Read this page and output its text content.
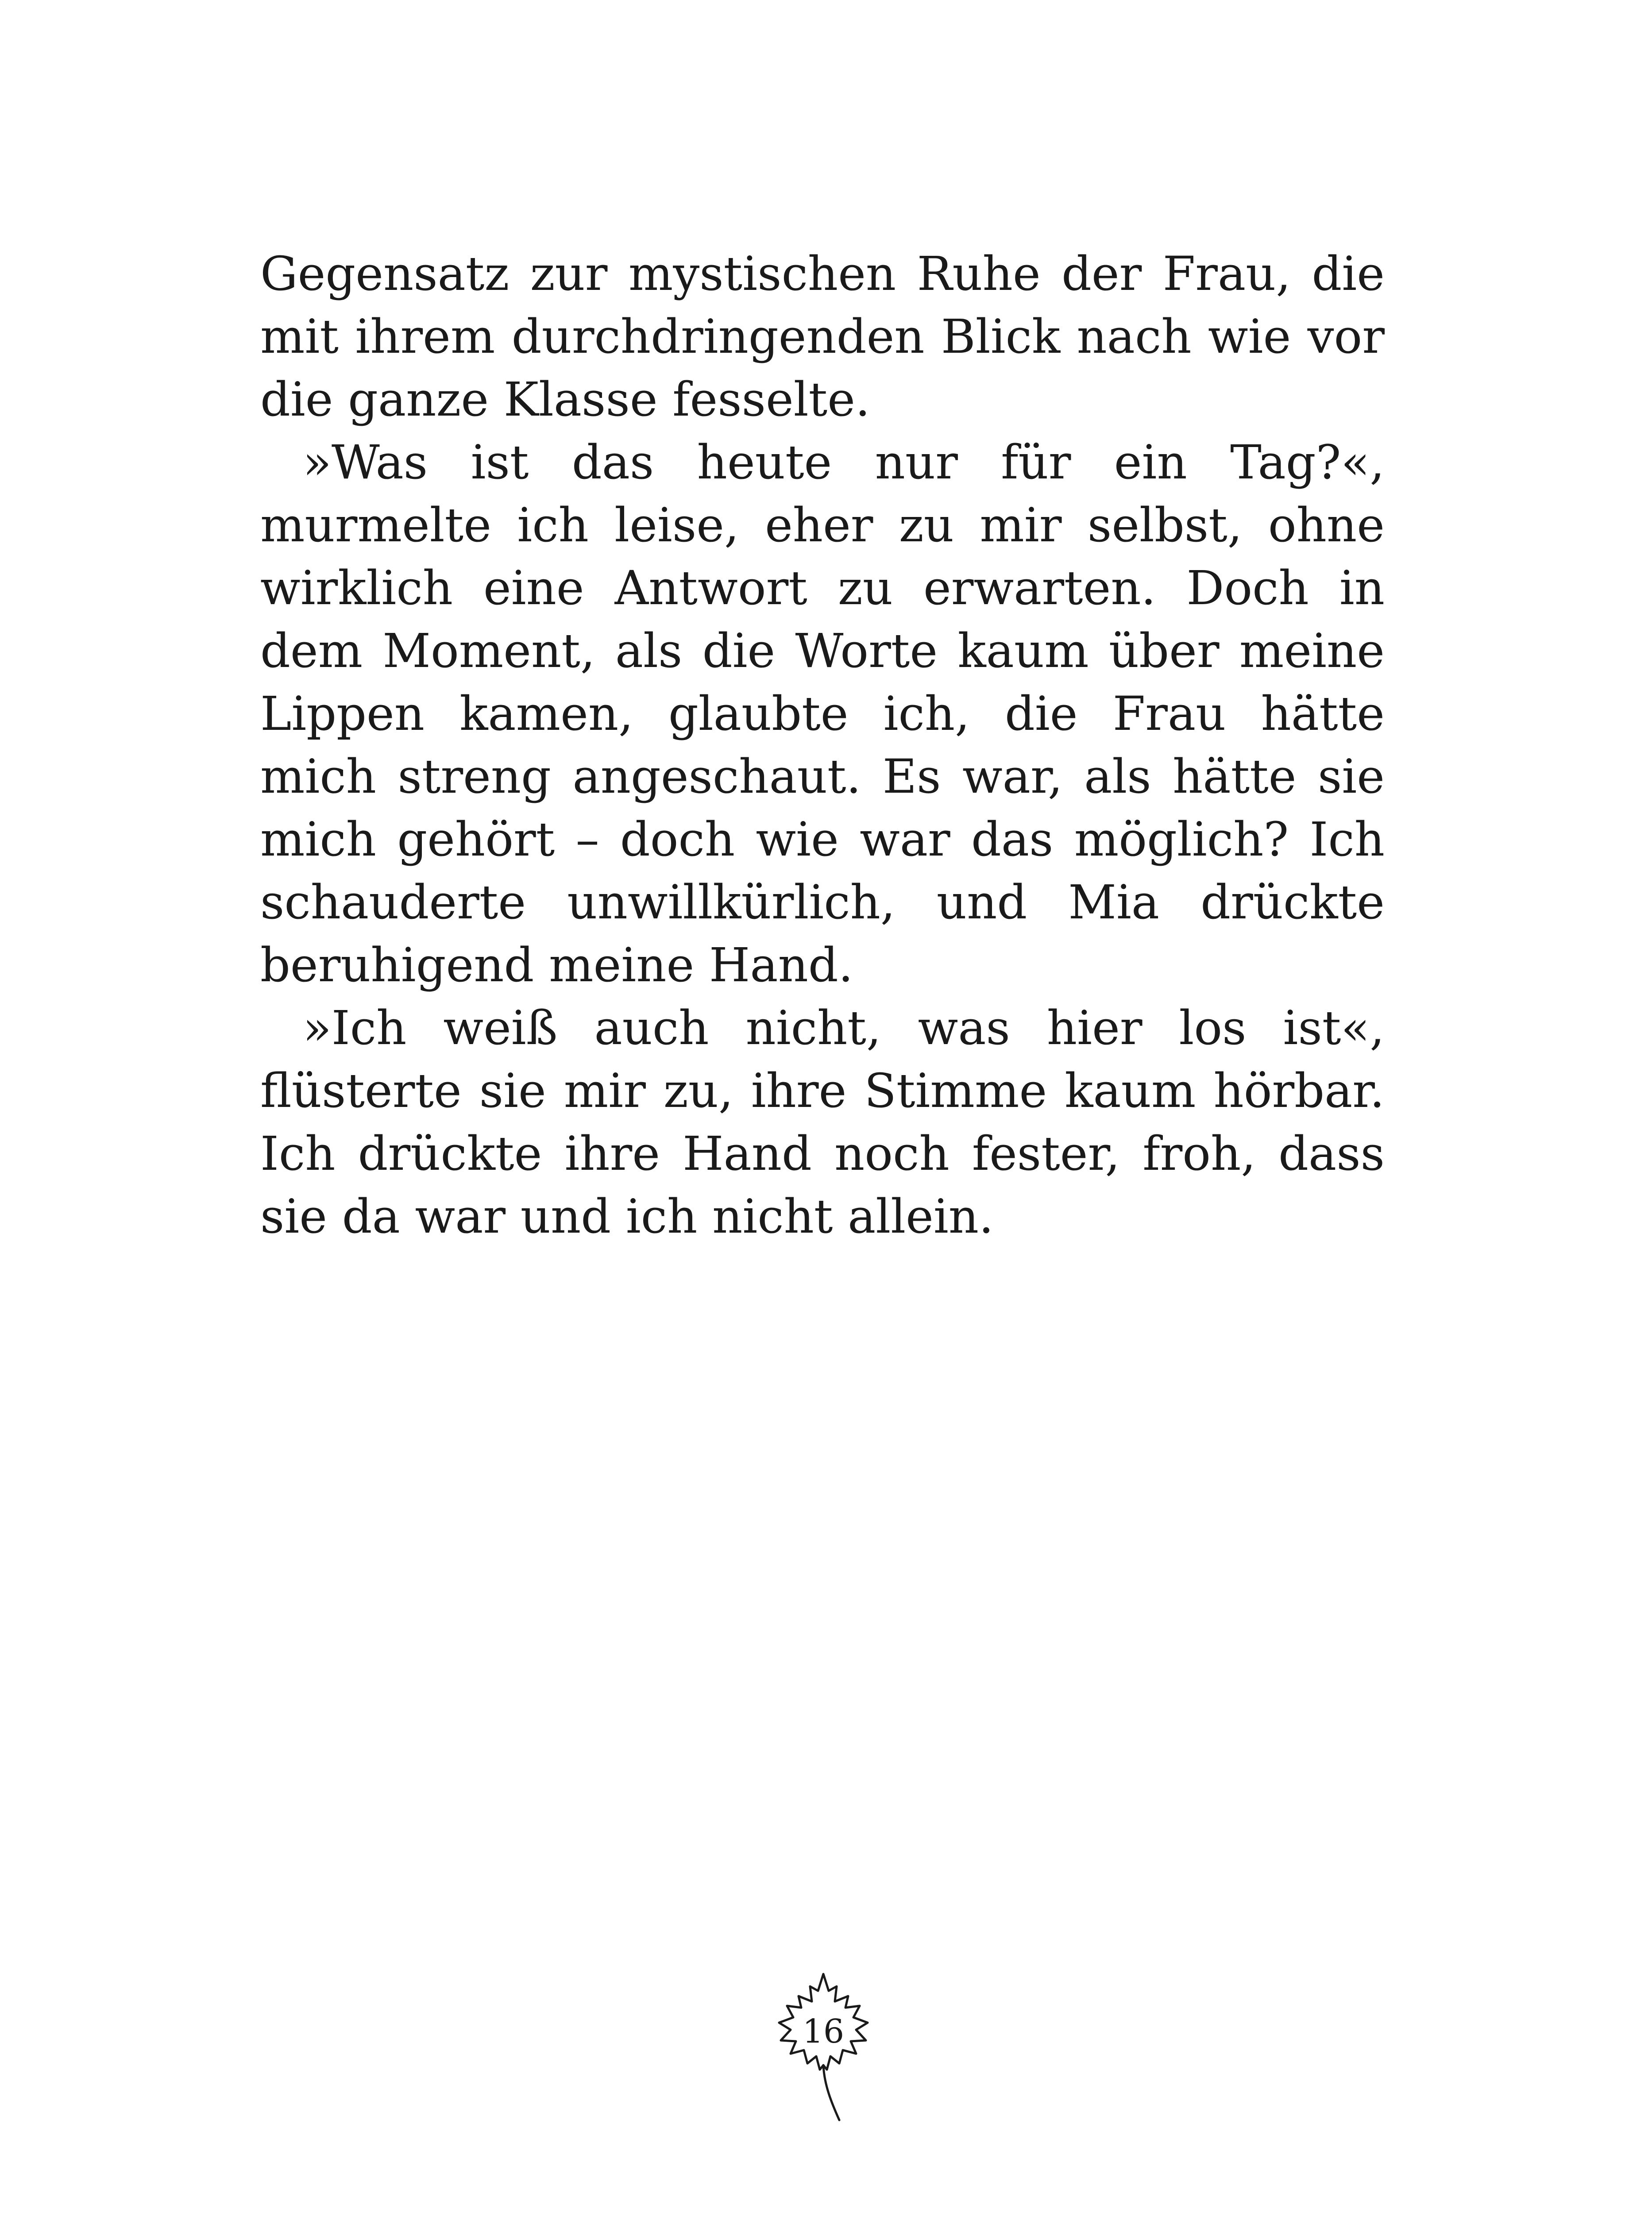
Gegensatz zur mystischen Ruhe der Frau, die mit ihrem durchdringenden Blick nach wie vor die ganze Klasse fesselte.

»Was ist das heute nur für ein Tag?«, murmelte ich leise, eher zu mir selbst, ohne wirklich eine Antwort zu erwarten. Doch in dem Moment, als die Worte kaum über meine Lippen kamen, glaubte ich, die Frau hätte mich streng angeschaut. Es war, als hätte sie mich gehört – doch wie war das möglich? Ich schauderte unwillkürlich, und Mia drückte beruhigend meine Hand.

»Ich weiß auch nicht, was hier los ist«, flüsterte sie mir zu, ihre Stimme kaum hörbar. Ich drückte ihre Hand noch fester, froh, dass sie da war und ich nicht allein.

16
